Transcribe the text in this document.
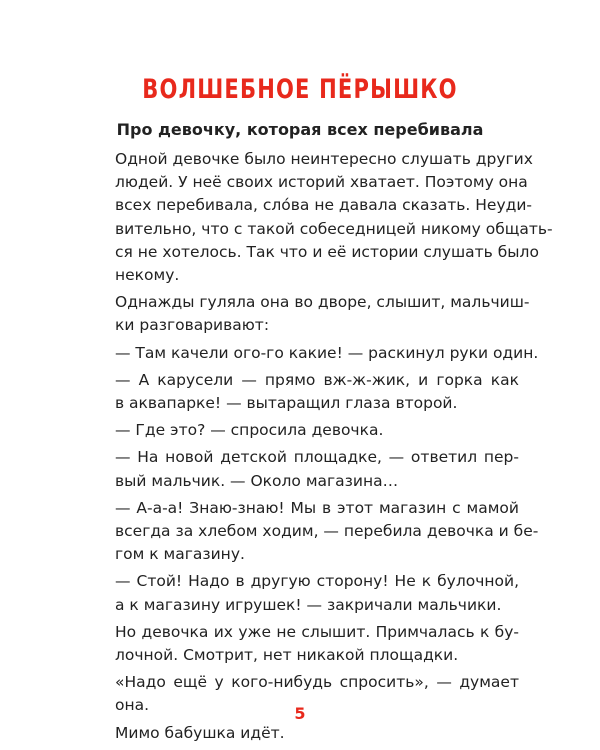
ВОЛШЕБНОЕ ПЁРЫШКО
Про девочку, которая всех перебивала

Одной девочке было неинтересно слушать других
людей. У неё своих историй хватает. Поэтому она
всех перебивала, сло́ва не давала сказать. Неуди-
вительно, что с такой собеседницей никому общать-
ся не хотелось. Так что и её истории слушать было
некому.

Однажды гуляла она во дворе, слышит, мальчиш-
ки разговаривают:

— Там качели ого-го какие! — раскинул руки один.

— А карусели — прямо вж-ж-жик, и горка как
в аквапарке! — вытаращил глаза второй.

— Где это? — спросила девочка.

— На новой детской площадке, — ответил пер-
вый мальчик. — Около магазина…

— А-а-а! Знаю-знаю! Мы в этот магазин с мамой
всегда за хлебом ходим, — перебила девочка и бе-
гом к магазину.

— Стой! Надо в другую сторону! Не к булочной,
а к магазину игрушек! — закричали мальчики.

Но девочка их уже не слышит. Примчалась к бу-
лочной. Смотрит, нет никакой площадки.

«Надо ещё у кого-нибудь спросить», — думает
она.

Мимо бабушка идёт.

5
